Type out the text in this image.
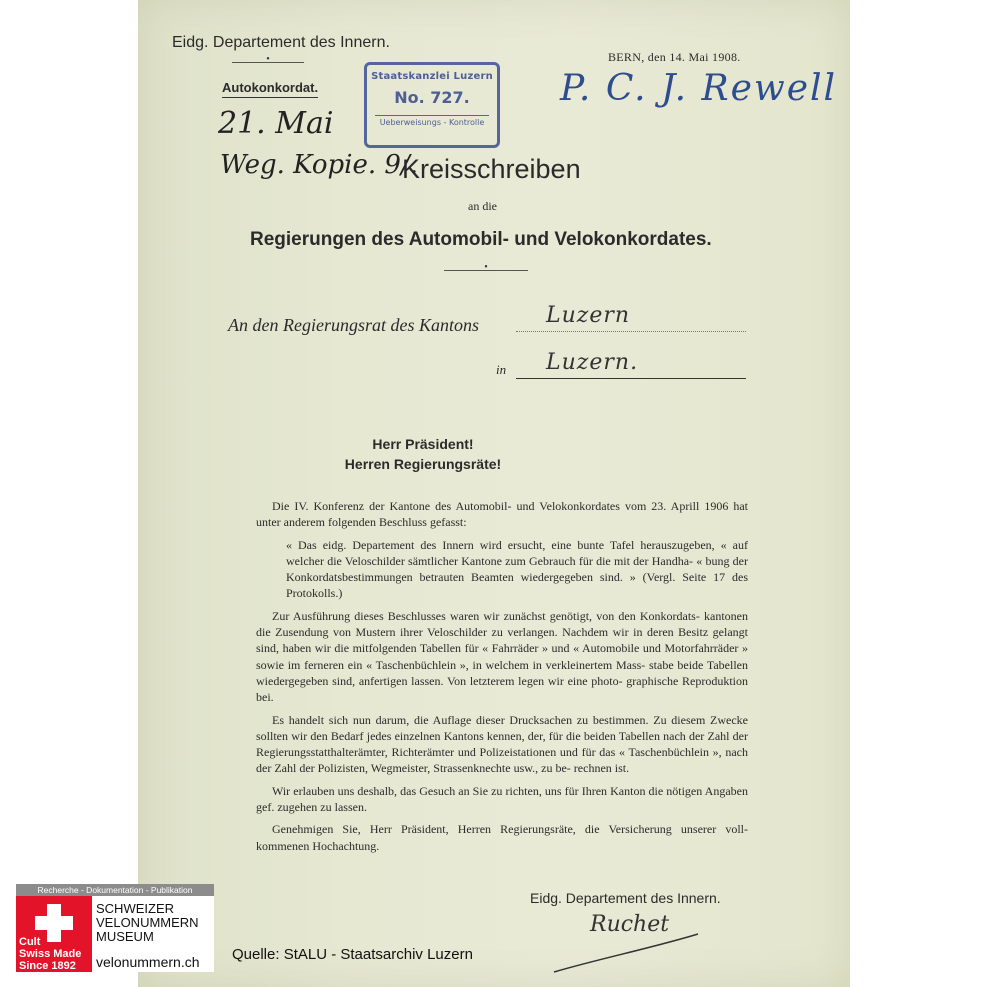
Eidg. Departement des Innern.
•
BERN, den 14. Mai 1908.
Autokonkordat.
Staatskanzlei Luzern
No. 727.
Ueberweisungs - Kontrolle
P. C. J. Rewell
21. Mai
Weg. Kopie. 9/.
Kreisschreiben
an die
Regierungen des Automobil- und Velokonkordates.
•
An den Regierungsrat des Kantons	Luzern
in Luzern.
Herr Präsident!
Herren Regierungsräte!

Die IV. Konferenz der Kantone des Automobil- und Velokonkordates vom 23. Aprill 1906 hat unter anderem folgenden Beschluss gefasst:

« Das eidg. Departement des Innern wird ersucht, eine bunte Tafel herauszugeben, « auf welcher die Veloschilder sämtlicher Kantone zum Gebrauch für die mit der Handha- « bung der Konkordatsbestimmungen betrauten Beamten wiedergegeben sind. » (Vergl. Seite 17 des Protokolls.)

Zur Ausführung dieses Beschlusses waren wir zunächst genötigt, von den Konkordats- kantonen die Zusendung von Mustern ihrer Veloschilder zu verlangen. Nachdem wir in deren Besitz gelangt sind, haben wir die mitfolgenden Tabellen für « Fahrräder » und « Automobile und Motorfahrräder » sowie im ferneren ein « Taschenbüchlein », in welchem in verkleinertem Mass- stabe beide Tabellen wiedergegeben sind, anfertigen lassen. Von letzterem legen wir eine photo- graphische Reproduktion bei.

Es handelt sich nun darum, die Auflage dieser Drucksachen zu bestimmen. Zu diesem Zwecke sollten wir den Bedarf jedes einzelnen Kantons kennen, der, für die beiden Tabellen nach der Zahl der Regierungsstatthalterämter, Richterämter und Polizeistationen und für das « Taschenbüchlein », nach der Zahl der Polizisten, Wegmeister, Strassenknechte usw., zu be- rechnen ist.

Wir erlauben uns deshalb, das Gesuch an Sie zu richten, uns für Ihren Kanton die nötigen Angaben gef. zugehen zu lassen.

Genehmigen Sie, Herr Präsident, Herren Regierungsräte, die Versicherung unserer voll- kommenen Hochachtung.

Eidg. Departement des Innern.
Ruchet
Recherche - Dokumentation - Publikation
Cult
Swiss Made
Since 1892
SCHWEIZER
VELONUMMERN
MUSEUM
velonummern.ch Quelle: StALU - Staatsarchiv Luzern
